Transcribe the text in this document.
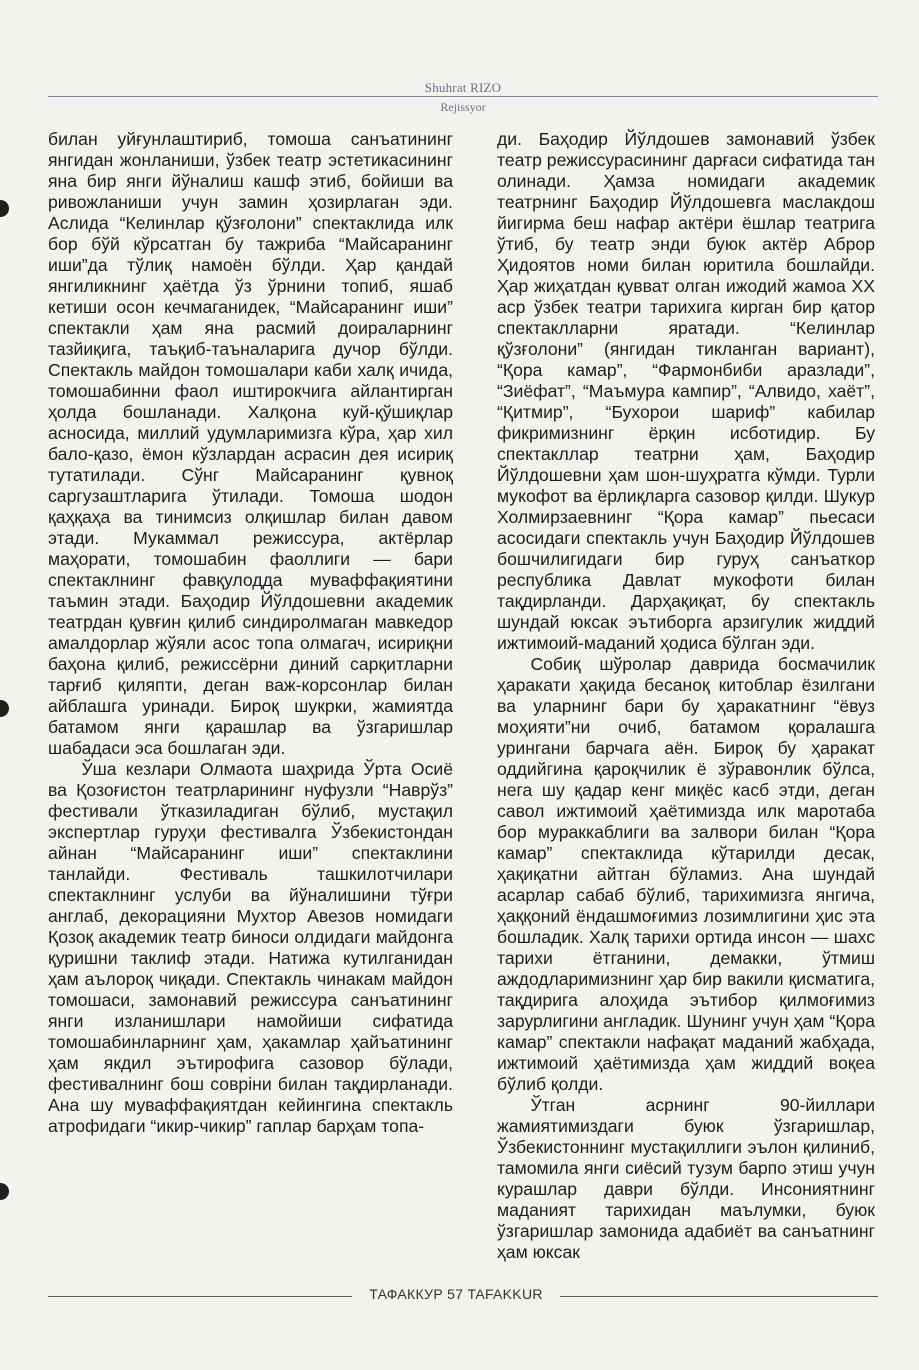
Shuhrat RIZO
Rejissyor

билан уйғунлаштириб, томоша санъатининг янгидан жонланиши, ўзбек театр эстетикасининг яна бир янги йўналиш кашф этиб, бойиши ва ривожланиши учун замин ҳозирлаган эди. Аслида “Келинлар қўзғолони” спектаклида илк бор бўй кўрсатган бу тажриба “Майсаранинг иши”да тўлиқ намоён бўлди. Ҳар қандай янгиликнинг ҳаётда ўз ўрнини топиб, яшаб кетиши осон кечмаганидек, “Майсаранинг иши” спектакли ҳам яна расмий доираларнинг тазйиқига, таъқиб-таъналарига дучор бўлди. Спектакль майдон томошалари каби халқ ичида, томошабинни фаол иштирокчига айлантирган ҳолда бошланади. Халқона куй-қўшиқлар асносида, миллий удумларимизга кўра, ҳар хил бало-қазо, ёмон кўзлардан асрасин дея исириқ тутатилади. Сўнг Майсаранинг қувноқ саргузаштларига ўтилади. Томоша шодон қаҳқаҳа ва тинимсиз олқишлар билан давом этади. Мукаммал режиссура, актёрлар маҳорати, томошабин фаоллиги — бари спектаклнинг фавқулодда муваффақиятини таъмин этади. Баҳодир Йўлдошевни академик театрдан қувғин қилиб синдиролмаган мавкедор амалдорлар жўяли асос топа олмагач, исириқни баҳона қилиб, режиссёрни диний сарқитларни тарғиб қиляпти, деган важ-корсонлар билан айблашга уринади. Бироқ шукрки, жамиятда батамом янги қарашлар ва ўзгаришлар шабадаси эса бошлаган эди.

Ўша кезлари Олмаота шаҳрида Ўрта Осиё ва Қозоғистон театрларининг нуфузли “Наврўз” фестивали ўтказиладиган бўлиб, мустақил экспертлар гуруҳи фестивалга Ўзбекистондан айнан “Майсаранинг иши” спектаклини танлайди. Фестиваль ташкилотчилари спектаклнинг услуби ва йўналишини тўғри англаб, декорацияни Мухтор Авезов номидаги Қозоқ академик театр биноси олдидаги майдонга қуришни таклиф этади. Натижа кутилганидан ҳам аълороқ чиқади. Спектакль чинакам майдон томошаси, замонавий режиссура санъатининг янги изланишлари намойиши сифатида томошабинларнинг ҳам, ҳакамлар ҳайъатининг ҳам якдил эътирофига сазовор бўлади, фестивалнинг бош совріни билан тақдирланади. Ана шу муваффақиятдан кейингина спектакль атрофидаги “икир-чикир” гаплар барҳам топа-

ди. Баҳодир Йўлдошев замонавий ўзбек театр режиссурасининг дарғаси сифатида тан олинади. Ҳамза номидаги академик театрнинг Баҳодир Йўлдошевга маслакдош йигирма беш нафар актёри ёшлар театрига ўтиб, бу театр энди буюк актёр Аброр Ҳидоятов номи билан юритила бошлайди. Ҳар жиҳатдан қувват олган ижодий жамоа XX аср ўзбек театри тарихига кирган бир қатор спектаклларни яратади. “Келинлар қўзғолони” (янгидан тикланган вариант), “Қора камар”, “Фармонбиби аразлади”, “Зиёфат”, “Маъмура кампир”, “Алвидо, хаёт”, “Қитмир”, “Бухорои шариф” кабилар фикримизнинг ёрқин исботидир. Бу спектакллар театрни ҳам, Баҳодир Йўлдошевни ҳам шон-шуҳратга кўмди. Турли мукофот ва ёрлиқларга сазовор қилди. Шукур Холмирзаевнинг “Қора камар” пьесаси асосидаги спектакль учун Баҳодир Йўлдошев бошчилигидаги бир гуруҳ санъаткор республика Давлат мукофоти билан тақдирланди. Дарҳақиқат, бу спектакль шундай юксак эътиборга арзигулик жиддий ижтимоий-маданий ҳодиса бўлган эди.

Собиқ шўролар даврида босмачилик ҳаракати ҳақида бесаноқ китоблар ёзилгани ва уларнинг бари бу ҳаракатнинг “ёвуз моҳияти”ни очиб, батамом қоралашга урингани барчага аён. Бироқ бу ҳаракат оддийгина қароқчилик ё зўравонлик бўлса, нега шу қадар кенг миқёс касб этди, деган савол ижтимоий ҳаётимизда илк маротаба бор мураккаблиги ва залвори билан “Қора камар” спектаклида кўтарилди десак, ҳақиқатни айтган бўламиз. Ана шундай асарлар сабаб бўлиб, тарихимизга янгича, ҳаққоний ёндашмоғимиз лозимлигини ҳис эта бошладик. Халқ тарихи ортида инсон — шахс тарихи ётганини, демакки, ўтмиш аждодларимизнинг ҳар бир вакили қисматига, тақдирига алоҳида эътибор қилмоғимиз зарурлигини англадик. Шунинг учун ҳам “Қора камар” спектакли нафақат маданий жабҳада, ижтимоий ҳаётимизда ҳам жиддий воқеа бўлиб қолди.

Ўтган асрнинг 90-йиллари жамиятимиздаги буюк ўзгаришлар, Ўзбекистоннинг мустақиллиги эълон қилиниб, тамомила янги сиёсий тузум барпо этиш учун курашлар даври бўлди. Инсониятнинг маданият тарихидан маълумки, буюк ўзгаришлар замонида адабиёт ва санъатнинг ҳам юксак

ТАФАККУР 57 TAFAKKUR
